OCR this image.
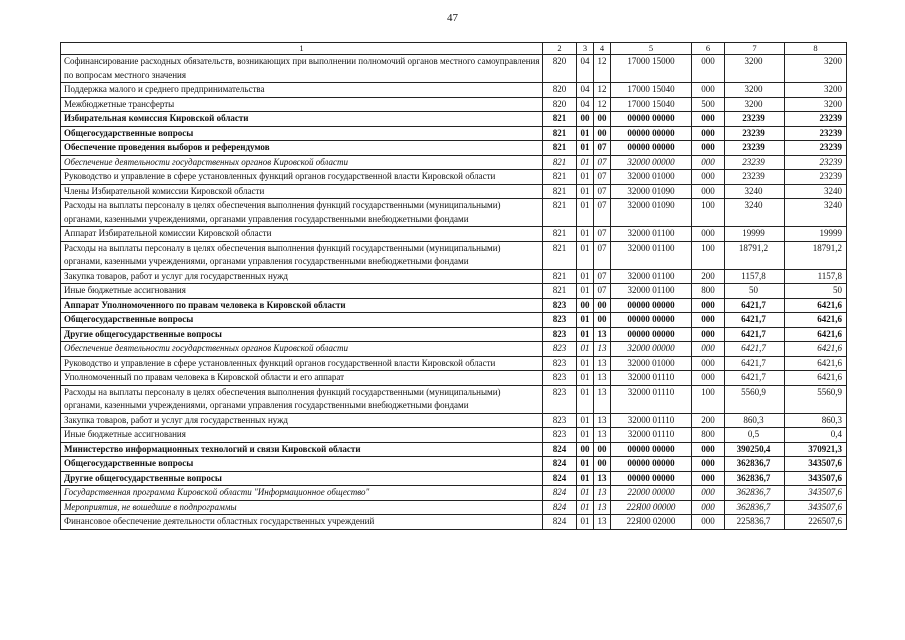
47
1	2	3	4	5	6	7	8
Софинансирование расходных обязательств, возникающих при выполнении полномочий органов местного самоуправления по вопросам местного значения	820	04	12	17000 15000	000	3200	3200
Поддержка малого и среднего предпринимательства	820	04	12	17000 15040	000	3200	3200
Межбюджетные трансферты	820	04	12	17000 15040	500	3200	3200
Избирательная комиссия Кировской области	821	00	00	00000 00000	000	23239	23239
Общегосударственные вопросы	821	01	00	00000 00000	000	23239	23239
Обеспечение проведения выборов и референдумов	821	01	07	00000 00000	000	23239	23239
Обеспечение деятельности государственных органов Кировской области	821	01	07	32000 00000	000	23239	23239
Руководство и управление в сфере установленных функций органов государственной власти Кировской области	821	01	07	32000 01000	000	23239	23239
Члены Избирательной комиссии Кировской области	821	01	07	32000 01090	000	3240	3240
Расходы на выплаты персоналу в целях обеспечения выполнения функций государственными (муниципальными) органами, казенными учреждениями, органами управления государственными внебюджетными фондами	821	01	07	32000 01090	100	3240	3240
Аппарат Избирательной комиссии Кировской области	821	01	07	32000 01100	000	19999	19999
Расходы на выплаты персоналу в целях обеспечения выполнения функций государственными (муниципальными) органами, казенными учреждениями, органами управления государственными внебюджетными фондами	821	01	07	32000 01100	100	18791,2	18791,2
Закупка товаров, работ и услуг для государственных нужд	821	01	07	32000 01100	200	1157,8	1157,8
Иные бюджетные ассигнования	821	01	07	32000 01100	800	50	50
Аппарат Уполномоченного по правам человека в Кировской области	823	00	00	00000 00000	000	6421,7	6421,6
Общегосударственные вопросы	823	01	00	00000 00000	000	6421,7	6421,6
Другие общегосударственные вопросы	823	01	13	00000 00000	000	6421,7	6421,6
Обеспечение деятельности государственных органов Кировской области	823	01	13	32000 00000	000	6421,7	6421,6
Руководство и управление в сфере установленных функций органов государственной власти Кировской области	823	01	13	32000 01000	000	6421,7	6421,6
Уполномоченный по правам человека в Кировской области и его аппарат	823	01	13	32000 01110	000	6421,7	6421,6
Расходы на выплаты персоналу в целях обеспечения выполнения функций государственными (муниципальными) органами, казенными учреждениями, органами управления государственными внебюджетными фондами	823	01	13	32000 01110	100	5560,9	5560,9
Закупка товаров, работ и услуг для государственных нужд	823	01	13	32000 01110	200	860,3	860,3
Иные бюджетные ассигнования	823	01	13	32000 01110	800	0,5	0,4
Министерство информационных технологий и связи Кировской области	824	00	00	00000 00000	000	390250,4	370921,3
Общегосударственные вопросы	824	01	00	00000 00000	000	362836,7	343507,6
Другие общегосударственные вопросы	824	01	13	00000 00000	000	362836,7	343507,6
Государственная программа Кировской области "Информационное общество"	824	01	13	22000 00000	000	362836,7	343507,6
Мероприятия, не вошедшие в подпрограммы	824	01	13	22Я00 00000	000	362836,7	343507,6
Финансовое обеспечение деятельности областных государственных учреждений	824	01	13	22Я00 02000	000	225836,7	226507,6
